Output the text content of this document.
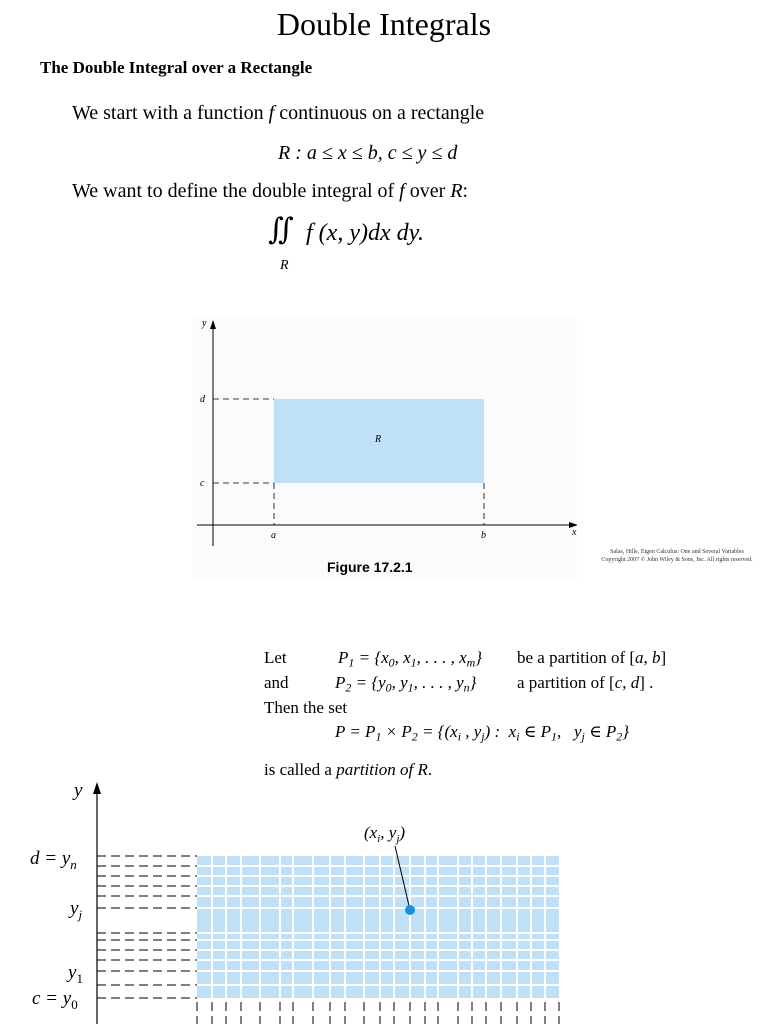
Double Integrals
The Double Integral over a Rectangle
We start with a function f continuous on a rectangle
R : a ≤ x ≤ b, c ≤ y ≤ d
We want to define the double integral of f over R:
∬ f (x, y)dx dy.
R
y
x
d
c
a	b
R
Figure 17.2.1
Salas, Hille, Etgen Calculus: One and Several Variables
Copyright 2007 © John Wiley & Sons, Inc. All rights reserved.
Let	$P_1 = \{x_0$, $x_1$, . . . , $x_m$} be a partition of [a, b]
and	$P_2 = \{y_0$, $y_1$, . . . , $y_n$} a partition of [c, d] .
Then the set
$P = P_1 \times P_2 = \{(x_i$ , $y_j$) :  $x_i$ ∈ $P_1$,   $y_j$ ∈ $P_2$}
is called a partition of R.
y
$d = y_n$
$y_j$
$y_1$
$c = y_0$
($x_i$, $y_j$)
